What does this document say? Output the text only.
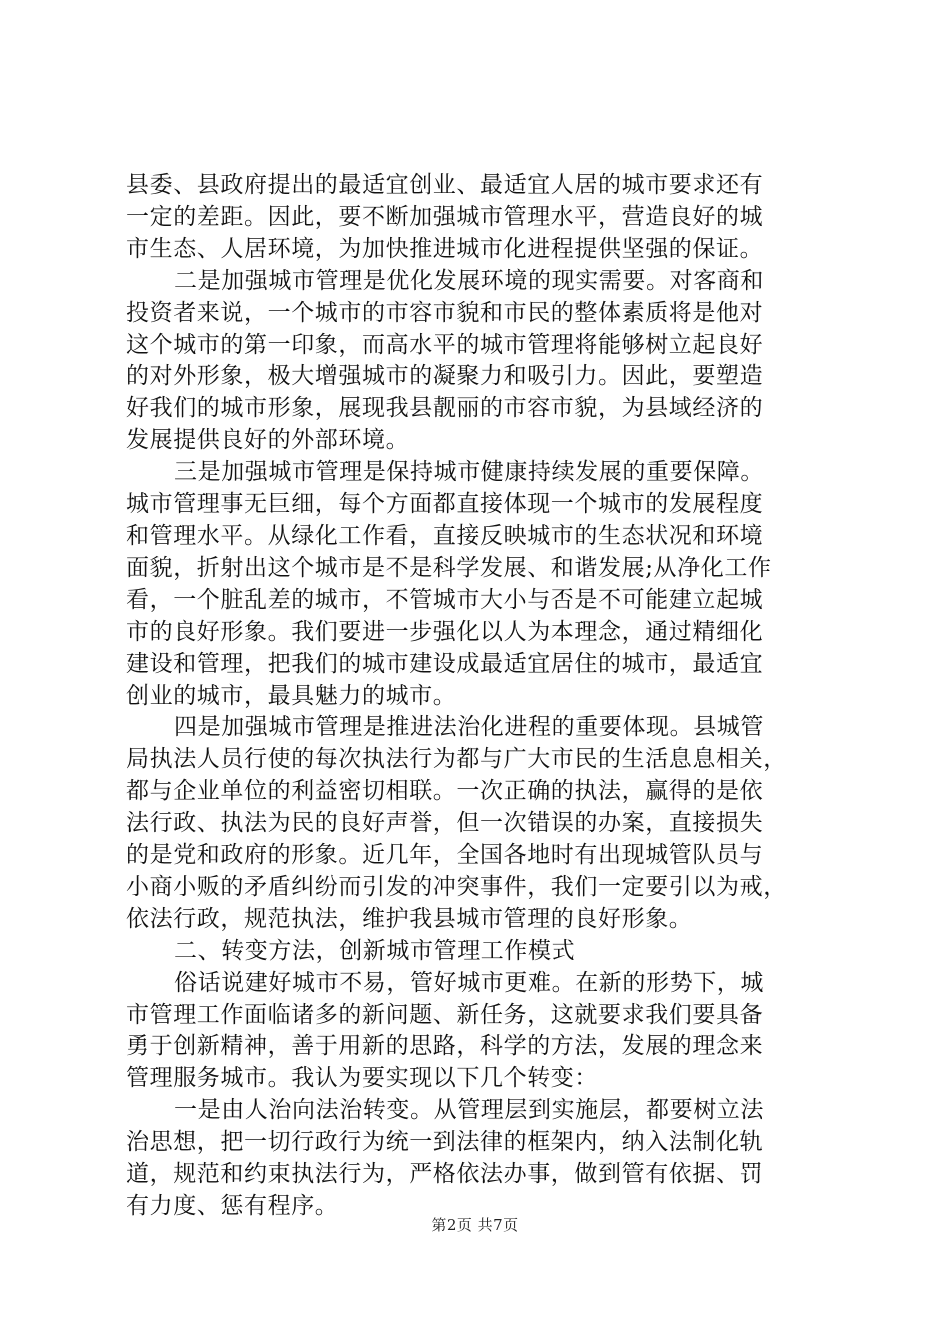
县委、县政府提出的最适宜创业、最适宜人居的城市要求还有
一定的差距。因此，要不断加强城市管理水平，营造良好的城
市生态、人居环境，为加快推进城市化进程提供坚强的保证。

二是加强城市管理是优化发展环境的现实需要。对客商和
投资者来说，一个城市的市容市貌和市民的整体素质将是他对
这个城市的第一印象，而高水平的城市管理将能够树立起良好
的对外形象，极大增强城市的凝聚力和吸引力。因此，要塑造
好我们的城市形象，展现我县靓丽的市容市貌，为县域经济的
发展提供良好的外部环境。

三是加强城市管理是保持城市健康持续发展的重要保障。
城市管理事无巨细，每个方面都直接体现一个城市的发展程度
和管理水平。从绿化工作看，直接反映城市的生态状况和环境
面貌，折射出这个城市是不是科学发展、和谐发展;从净化工作
看，一个脏乱差的城市，不管城市大小与否是不可能建立起城
市的良好形象。我们要进一步强化以人为本理念，通过精细化
建设和管理，把我们的城市建设成最适宜居住的城市，最适宜
创业的城市，最具魅力的城市。

四是加强城市管理是推进法治化进程的重要体现。县城管
局执法人员行使的每次执法行为都与广大市民的生活息息相关，
都与企业单位的利益密切相联。一次正确的执法，赢得的是依
法行政、执法为民的良好声誉，但一次错误的办案，直接损失
的是党和政府的形象。近几年，全国各地时有出现城管队员与
小商小贩的矛盾纠纷而引发的冲突事件，我们一定要引以为戒，
依法行政，规范执法，维护我县城市管理的良好形象。

二、转变方法，创新城市管理工作模式

俗话说建好城市不易，管好城市更难。在新的形势下，城
市管理工作面临诸多的新问题、新任务，这就要求我们要具备
勇于创新精神，善于用新的思路，科学的方法，发展的理念来
管理服务城市。我认为要实现以下几个转变：

一是由人治向法治转变。从管理层到实施层，都要树立法
治思想，把一切行政行为统一到法律的框架内，纳入法制化轨
道，规范和约束执法行为，严格依法办事，做到管有依据、罚
有力度、惩有程序。

第2页 共7页
